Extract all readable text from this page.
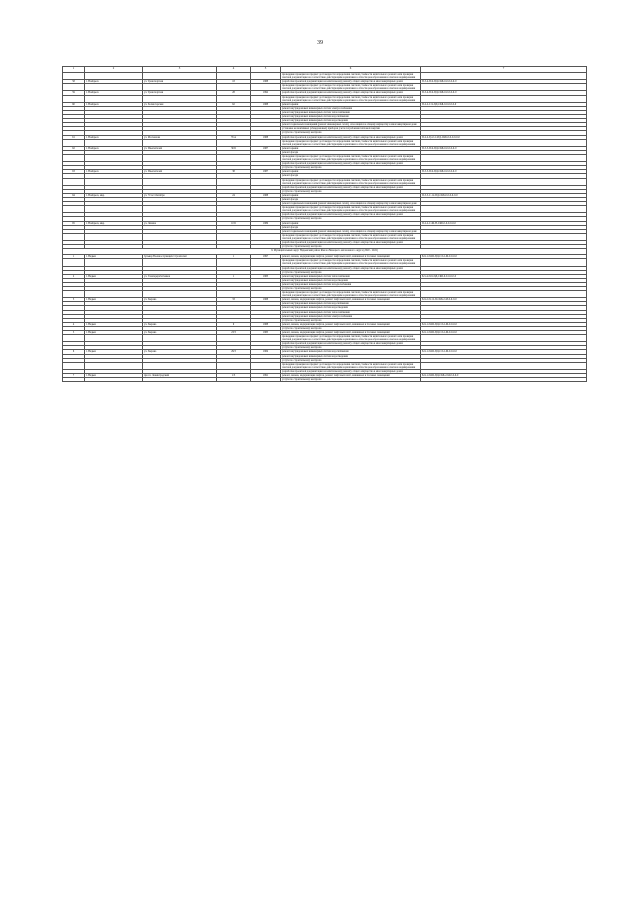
39
1	2	3	4	5	6	7
					проведение проверки на предмет достоверности определения сметной стоимости капитального ремонта или проверки сметной документации на соответствие действующим нормативам в области ценообразования в сметном нормировании	
58	г. Ноябрьск	ул. Транспортная	18	1988	разработка проектной документации на капитальному ремонту общего имущества в многоквартирных домах	П-5-4-П-9-ПД-СКБ-0-0-0-0-0-0
					проведение проверки на предмет достоверности определения сметной стоимости капитального ремонта или проверки сметной документации на соответствие действующим нормативам в области ценообразования в сметном нормировании	
59	г. Ноябрьск	ул. Транспортная	28	1992	разработка проектной документации на капитальному ремонту общего имущества в многоквартирных домах	П-5-4-П-9-ПД-СКБ-0-0-0-0-0-0
					проведение проверки на предмет достоверности определения сметной стоимости капитального ремонта или проверки сметной документации на соответствие действующим нормативам в области ценообразования в сметном нормировании	
60	г. Ноябрьск	ул. Холмогорская	62	1988	ремонт крыши	П-2-2-С-9-ПД-СКБ-0-0-0-0-0-0
					ремонт внутридомовых инженерных систем электроснабжения	
					ремонт внутридомовых инженерных систем теплоснабжения	
					ремонт внутридомовых инженерных систем водоснабжения	
					ремонт внутридомовых инженерных систем водоотведения	
					ремонт подвальных помещений (ремонт инженерных сетей), относящихся к общему имуществу в многоквартирном доме	
					установка коллективных (общедомовых) приборов учета потребления тепловой энергии	
					услуги по строительному контролю	
61	г. Ноябрьск	ул. Молчанова	76 А	1988	разработка проектной документации на капитальному ремонту общего имущества в многоквартирных домах	П-2-2-Гр-0-С-ПД-СКБ-0-0-0-0-0-0
					проведение проверки на предмет достоверности определения сметной стоимости капитального ремонта или проверки сметной документации на соответствие действующим нормативам в области ценообразования в сметном нормировании	
62	г. Ноябрьск	ул. Изыскателей	36 Б	1987	ремонт крыши	П-5-5-П-9-ПД-СКБ-0-0-0-0-0-0
					ремонт фасада	
					проведение проверки на предмет достоверности определения сметной стоимости капитального ремонта или проверки сметной документации на соответствие действующим нормативам в области ценообразования в сметном нормировании	
					разработка проектной документации на капитальному ремонту общего имущества в многоквартирных домах	
					услуги по строительному контролю	
63	г. Ноябрьск	ул. Изыскателей	38	1987	ремонт крыши	П-5-5-П-9-ПД-СКБ-0-0-0-0-0-0
					ремонт фасада	
					проведение проверки на предмет достоверности определения сметной стоимости капитального ремонта или проверки сметной документации на соответствие действующим нормативам в области ценообразования в сметном нормировании	
					разработка проектной документации на капитальному ремонту общего имущества в многоквартирных домах	
					услуги по строительному контролю	
64	г. Ноябрьск, мкр.	ул. 70 лет Октября	24	1988	ремонт крыши	П-5-5-С-12-ПД-СКБ-0-0-0-0-0-0
					ремонт фасада	
					ремонт подвальных помещений (ремонт инженерных сетей), относящихся к общему имуществу в многоквартирном доме	
					проведение проверки на предмет достоверности определения сметной стоимости капитального ремонта или проверки сметной документации на соответствие действующим нормативам в области ценообразования в сметном нормировании	
					разработка проектной документации на капитальному ремонту общего имущества в многоквартирных домах	
					услуги по строительному контролю	
65	г. Ноябрьск, мкр.	ул. Ленина	10 Б	1989	ремонт крыши	П-2-2-С-Ш-Н-СКБ-0-0-0-0-0-0
					ремонт фасада	
					ремонт подвальных помещений (ремонт инженерных сетей), относящихся к общему имуществу в многоквартирном доме	
					проведение проверки на предмет достоверности определения сметной стоимости капитального ремонта или проверки сметной документации на соответствие действующим нормативам в области ценообразования в сметном нормировании	
					разработка проектной документации на капитальному ремонту общего имущества в многоквартирных домах	
					услуги по строительному контролю	
9. Муниципальный округ Надымский район Ямало-Ненецкого автономного округа (2020 - 2022)						
1	г. Надым	бульвар Военнослужащих Строителей	1	1997	ремонт, замена, модернизация лифтов, ремонт лифтовых шахт, машинных и блочных помещений	Б-9-1-П-Ш-ПД-СЛ-2-М-0-0-0-0
					проведение проверки на предмет достоверности определения сметной стоимости капитального ремонта или проверки сметной документации на соответствие действующим нормативам в области ценообразования в сметном нормировании	
					разработка проектной документации на капитальному ремонту общего имущества в многоквартирных домах	
					услуги по строительному контролю	
2	г. Надым	ул. Газоперерабатчиков	1	1983	ремонт внутридомовых инженерных систем теплоснабжения	Б-5-4-П-9-ПД-СКБ-0-0-0-0-0-0
					ремонт внутридомовых инженерных систем водоотведения	
					ремонт внутридомовых инженерных систем холодоснабжения	
					услуги по строительному контролю	
					проведение проверки на предмет достоверности определения сметной стоимости капитального ремонта или проверки сметной документации на соответствие действующим нормативам в области ценообразования в сметном нормировании	
3	г. Надым	ул. Зверева	33	1988	ремонт, замена, модернизация лифтов, ремонт лифтовых шахт, машинных и блочных помещений	Б-9-2-П-12-П-СКБ-2-М-0-0-0-0
					ремонт внутридомовых инженерных систем водоснабжения	
					ремонт внутридомовых инженерных систем водоотведения	
					ремонт внутридомовых инженерных систем теплоснабжения	
					ремонт внутридомовых инженерных систем электроснабжения	
					услуги по строительному контролю	
4	г. Надым	ул. Зверева	9	1988	ремонт, замена, модернизация лифтов, ремонт лифтовых шахт, машинных и блочных помещений	Б-9-1-П-Ш-ПД-СЛ-2-М-0-0-0-0
					услуги по строительному контролю	
5	г. Надым	ул. Зверева	23/3	1985	ремонт, замена, модернизация лифтов, ремонт лифтовых шахт, машинных и блочных помещений	Б-9-1-П-Ш-ПД-СЛ-2-М-0-0-0-0
					проведение проверки на предмет достоверности определения сметной стоимости капитального ремонта или проверки сметной документации на соответствие действующим нормативам в области ценообразования в сметном нормировании	
					разработка проектной документации на капитальному ремонту общего имущества в многоквартирных домах	
					услуги по строительному контролю	
6	г. Надым	ул. Зверева	29/3	1984	ремонт внутридомовых инженерных систем водоснабжения	Б-9-1-П-Ш-ПД-СЛ-2-М-0-0-0-0
					ремонт внутридомовых инженерных систем водоотведения	
					услуги по строительному контролю	
					проведение проверки на предмет достоверности определения сметной стоимости капитального ремонта или проверки сметной документации на соответствие действующим нормативам в области ценообразования в сметном нормировании	
					разработка проектной документации на капитальному ремонту общего имущества в многоквартирных домах	
7	г. Надым	просп. Ленинградский	1/3	1991	ремонт, замена, модернизация лифтов, ремонт лифтовых шахт, машинных и блочных помещений	Б-9-1-П-Ш-ПД-СКБ-2-М-0-0-0-0
					услуги по строительному контролю	
